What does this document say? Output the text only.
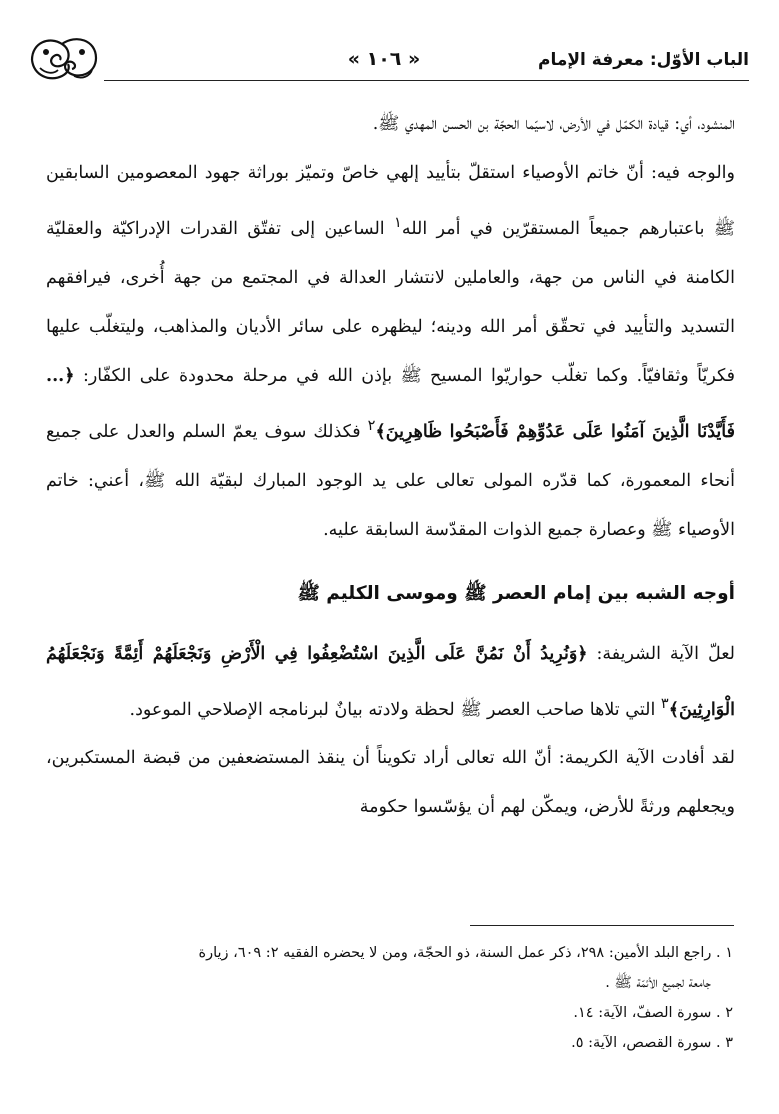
« ١٠٦ »	الباب الأوّل: معرفة الإمام

المنشود، أي: قيادة الكمّل في الأرض، لاسيّما الحجّة بن الحسن المهدي ﷺ.

والوجه فيه: أنّ خاتم الأوصياء استقلّ بتأييد إلهي خاصّ وتميّز بوراثة جهود المعصومين السابقين ﷺ باعتبارهم جميعاً المستقرّين في أمر الله$^١$ الساعين إلى تفتّق القدرات الإدراكيّة والعقليّة الكامنة في الناس من جهة، والعاملين لانتشار العدالة في المجتمع من جهة أُخرى، فيرافقهم التسديد والتأييد في تحقّق أمر الله ودينه؛ ليظهره على سائر الأديان والمذاهب، وليتغلّب عليها فكريّاً وثقافيّاً. وكما تغلّب حواريّوا المسيح ﷺ بإذن الله في مرحلة محدودة على الكفّار: ﴿... فَأَيَّدْنَا الَّذِينَ آمَنُوا عَلَى عَدُوِّهِمْ فَأَصْبَحُوا ظَاهِرِينَ﴾$^٢$ فكذلك سوف يعمّ السلم والعدل على جميع أنحاء المعمورة، كما قدّره المولى تعالى على يد الوجود المبارك لبقيّة الله ﷺ، أعني: خاتم الأوصياء ﷺ وعصارة جميع الذوات المقدّسة السابقة عليه.

أوجه الشبه بين إمام العصر ﷺ وموسى الكليم ﷺ

لعلّ الآية الشريفة: ﴿وَنُرِيدُ أَنْ نَمُنَّ عَلَى الَّذِينَ اسْتُضْعِفُوا فِي الْأَرْضِ وَنَجْعَلَهُمْ أَئِمَّةً وَنَجْعَلَهُمُ الْوَارِثِينَ﴾$^٣$ التي تلاها صاحب العصر ﷺ لحظة ولادته بيانٌ لبرنامجه الإصلاحي الموعود.

لقد أفادت الآية الكريمة: أنّ الله تعالى أراد تكويناً أن ينقذ المستضعفين من قبضة المستكبرين، ويجعلهم ورثةً للأرض، ويمكّن لهم أن يؤسّسوا حكومة

١ . راجع البلد الأمين: ٢٩٨، ذكر عمل السنة، ذو الحجّة، ومن لا يحضره الفقيه ٢: ٦٠٩، زيارة

جامعة لجميع الأئمّة ﷺ .

٢ . سورة الصفّ، الآية: ١٤.

٣ . سورة القصص، الآية: ٥.
